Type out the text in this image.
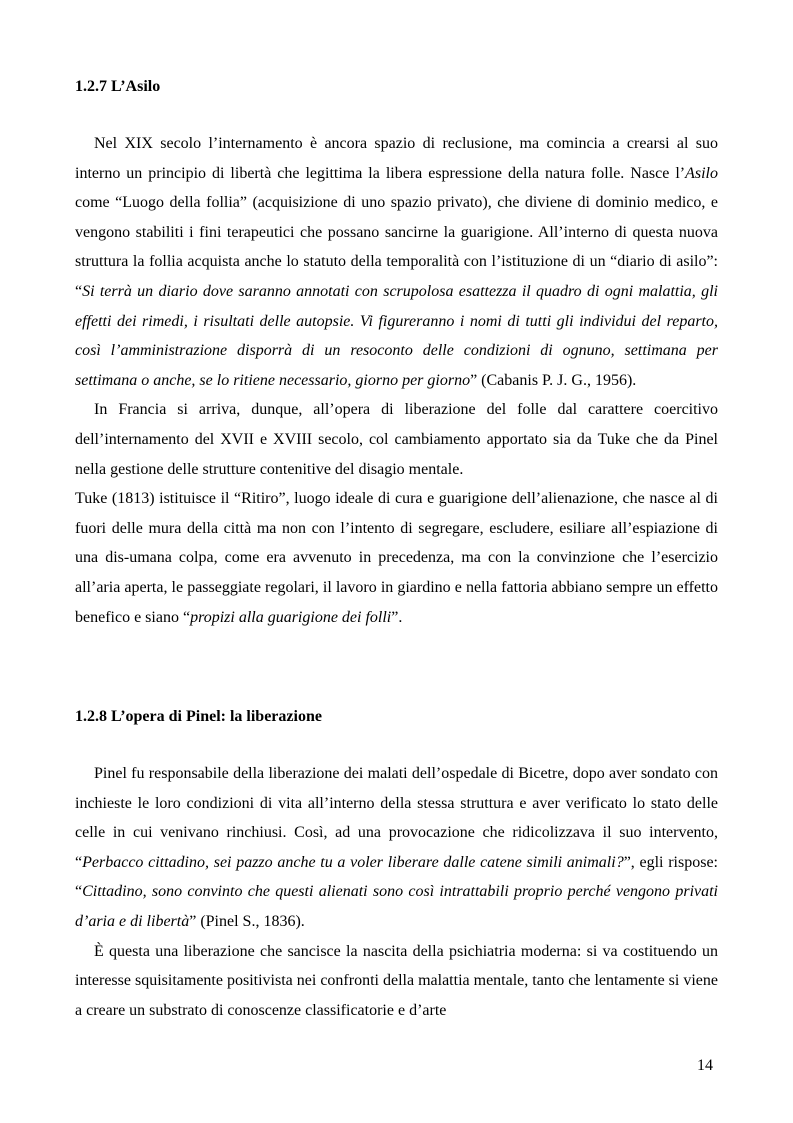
1.2.7 L’Asilo

Nel XIX secolo l’internamento è ancora spazio di reclusione, ma comincia a crearsi al suo interno un principio di libertà che legittima la libera espressione della natura folle. Nasce l’Asilo come “Luogo della follia” (acquisizione di uno spazio privato), che diviene di dominio medico, e vengono stabiliti i fini terapeutici che possano sancirne la guarigione. All’interno di questa nuova struttura la follia acquista anche lo statuto della temporalità con l’istituzione di un “diario di asilo”: “Si terrà un diario dove saranno annotati con scrupolosa esattezza il quadro di ogni malattia, gli effetti dei rimedi, i risultati delle autopsie. Vi figureranno i nomi di tutti gli individui del reparto, così l’amministrazione disporrà di un resoconto delle condizioni di ognuno, settimana per settimana o anche, se lo ritiene necessario, giorno per giorno” (Cabanis P. J. G., 1956).

In Francia si arriva, dunque, all’opera di liberazione del folle dal carattere coercitivo dell’internamento del XVII e XVIII secolo, col cambiamento apportato sia da Tuke che da Pinel nella gestione delle strutture contenitive del disagio mentale.

Tuke (1813) istituisce il “Ritiro”, luogo ideale di cura e guarigione dell’alienazione, che nasce al di fuori delle mura della città ma non con l’intento di segregare, escludere, esiliare all’espiazione di una dis-umana colpa, come era avvenuto in precedenza, ma con la convinzione che l’esercizio all’aria aperta, le passeggiate regolari, il lavoro in giardino e nella fattoria abbiano sempre un effetto benefico e siano “propizi alla guarigione dei folli”.

1.2.8 L’opera di Pinel: la liberazione

Pinel fu responsabile della liberazione dei malati dell’ospedale di Bicetre, dopo aver sondato con inchieste le loro condizioni di vita all’interno della stessa struttura e aver verificato lo stato delle celle in cui venivano rinchiusi. Così, ad una provocazione che ridicolizzava il suo intervento, “Perbacco cittadino, sei pazzo anche tu a voler liberare dalle catene simili animali?”, egli rispose: “Cittadino, sono convinto che questi alienati sono così intrattabili proprio perché vengono privati d’aria e di libertà” (Pinel S., 1836).

È questa una liberazione che sancisce la nascita della psichiatria moderna: si va costituendo un interesse squisitamente positivista nei confronti della malattia mentale, tanto che lentamente si viene a creare un substrato di conoscenze classificatorie e d’arte

14
